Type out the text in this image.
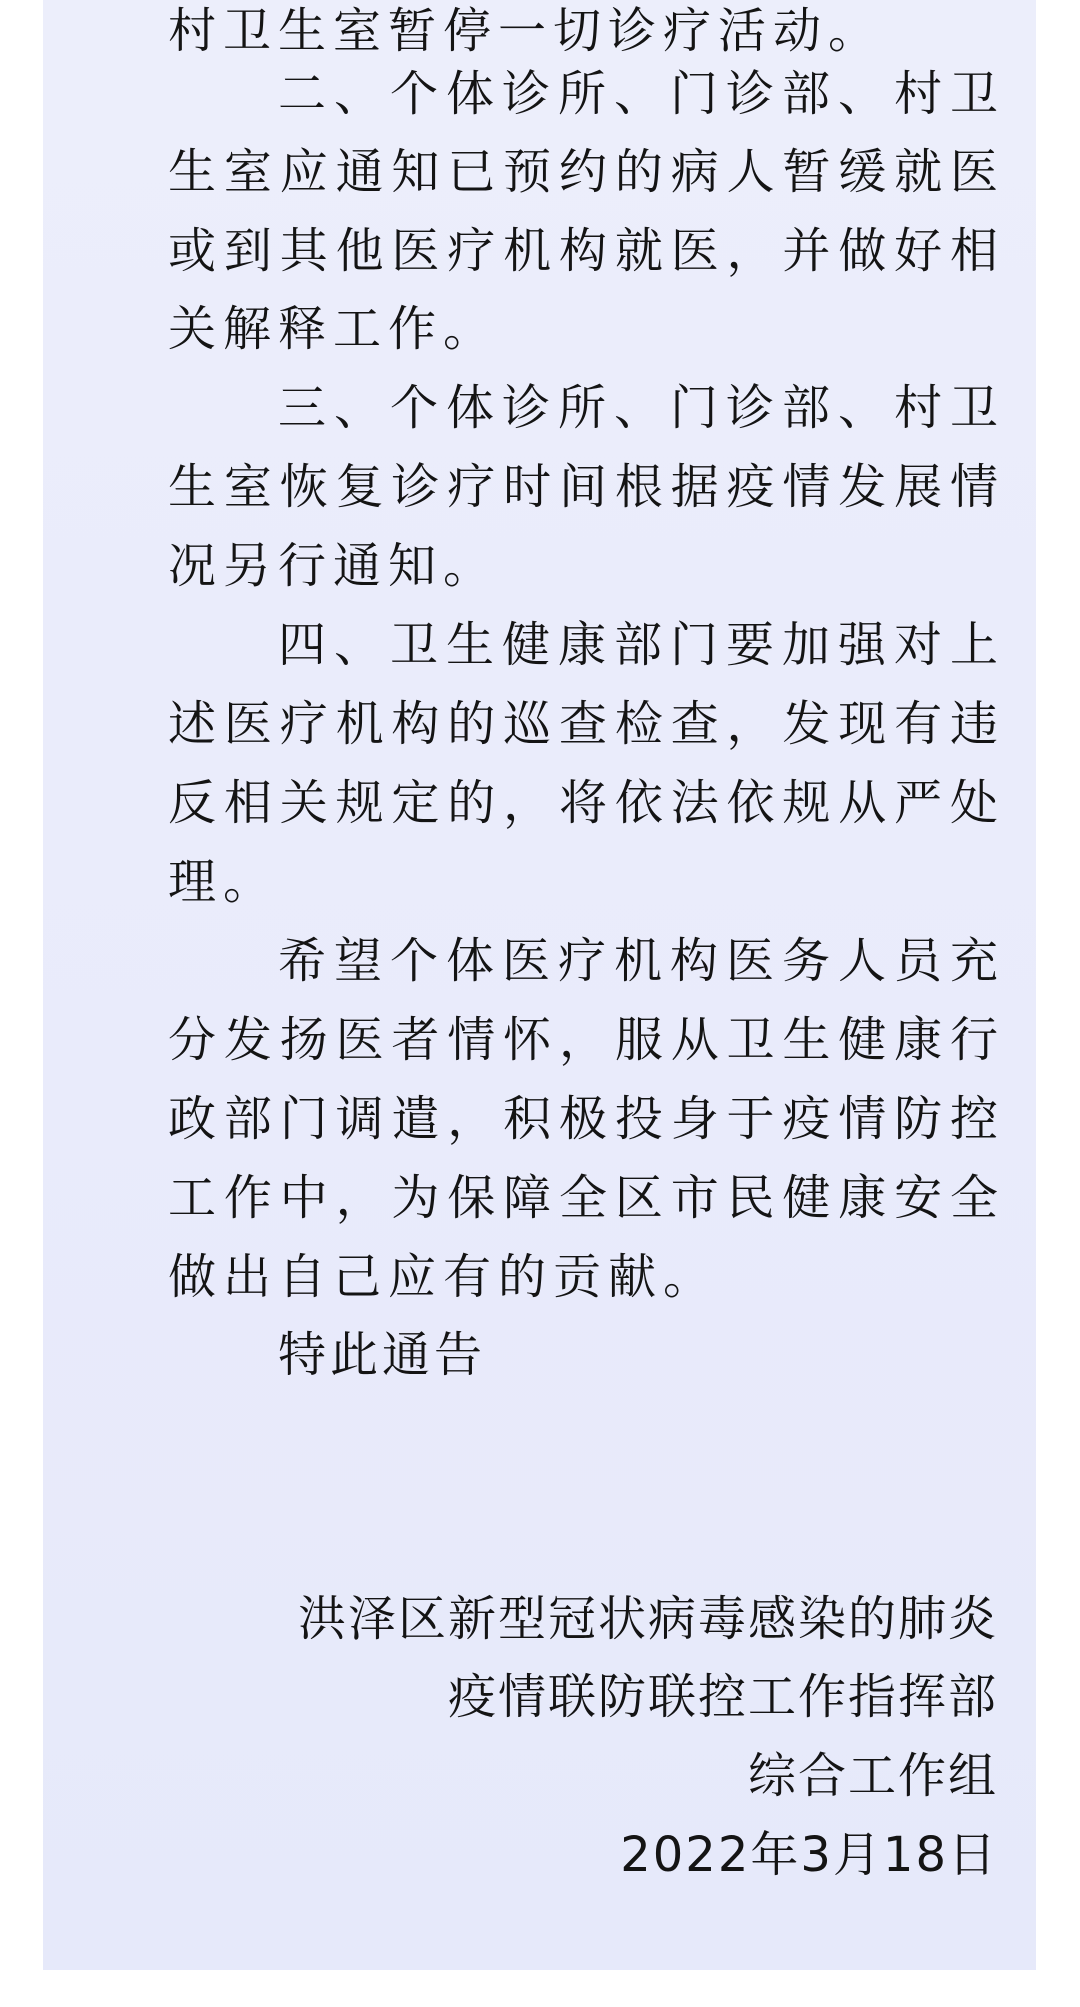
村卫生室暂停一切诊疗活动。
二、个体诊所、门诊部、村卫
生室应通知已预约的病人暂缓就医
或到其他医疗机构就医，并做好相
关解释工作。
三、个体诊所、门诊部、村卫
生室恢复诊疗时间根据疫情发展情
况另行通知。
四、卫生健康部门要加强对上
述医疗机构的巡查检查，发现有违
反相关规定的，将依法依规从严处
理。
希望个体医疗机构医务人员充
分发扬医者情怀，服从卫生健康行
政部门调遣，积极投身于疫情防控
工作中，为保障全区市民健康安全
做出自己应有的贡献。
特此通告
洪泽区新型冠状病毒感染的肺炎
疫情联防联控工作指挥部
综合工作组
2022年3月18日
